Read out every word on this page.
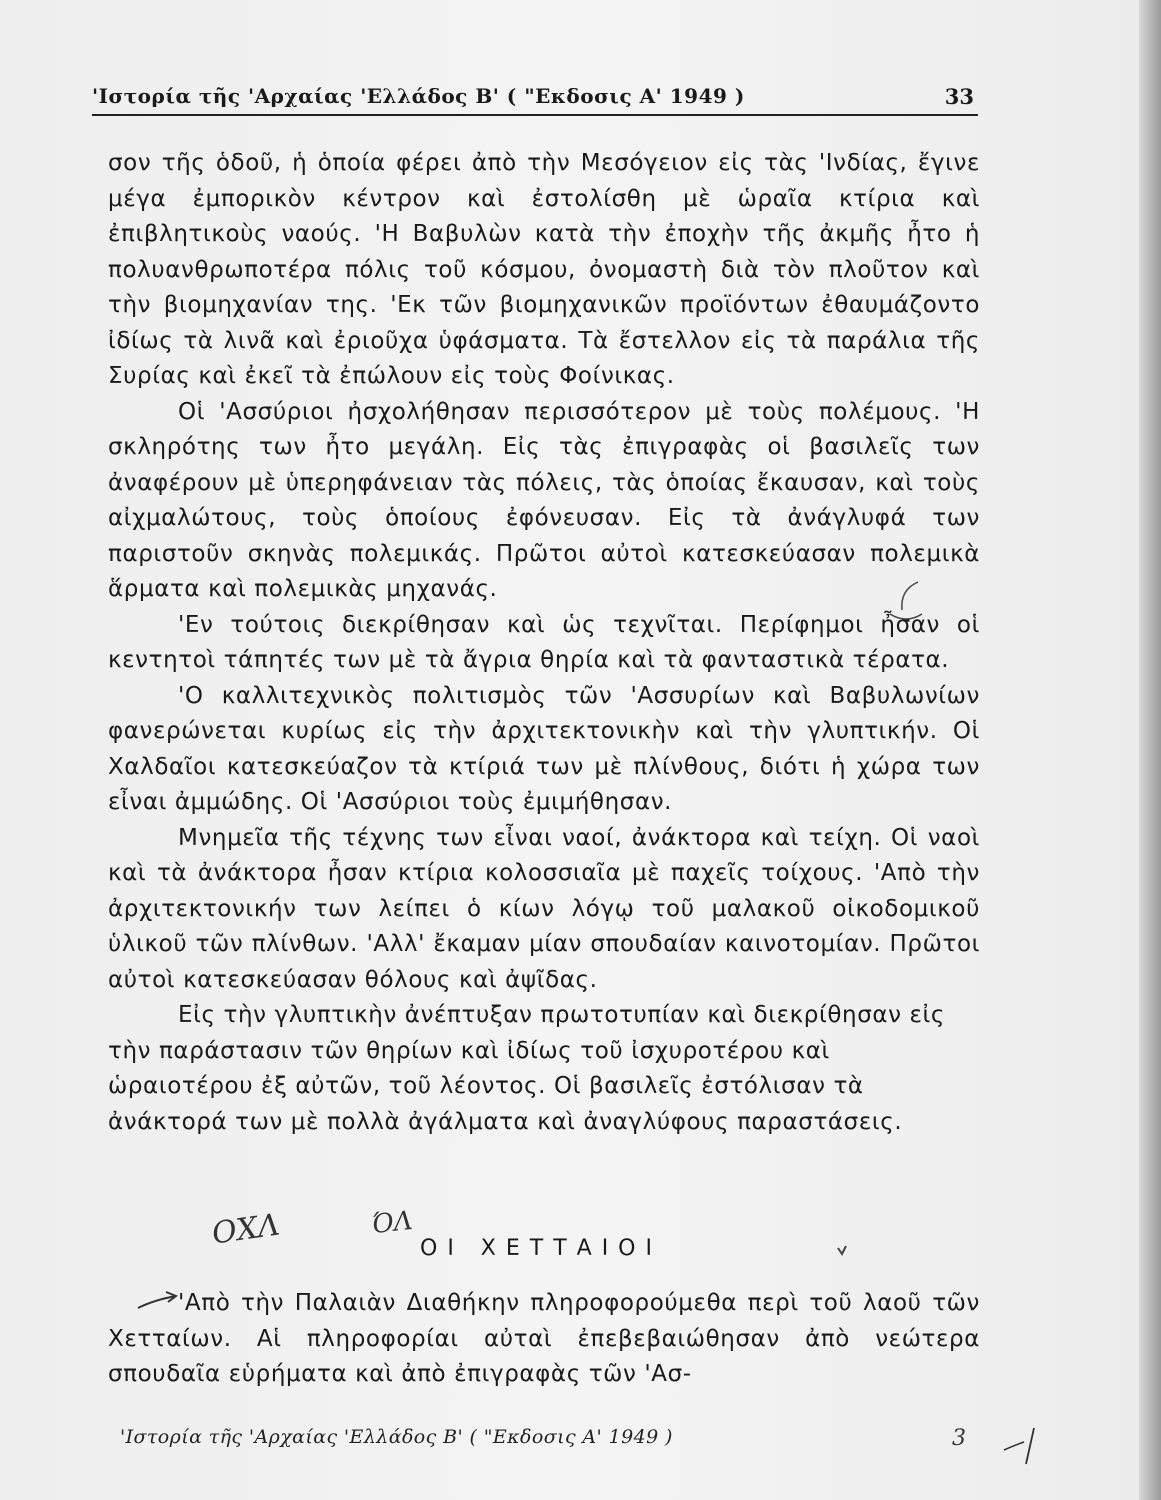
'Ιστορία τῆς 'Αρχαίας 'Ελλάδος Β' ( "Εκδοσις Α' 1949 )	33

σον τῆς ὁδοῦ, ἡ ὁποία φέρει ἀπὸ τὴν Μεσόγειον εἰς τὰς 'Ινδίας, ἔγινε μέγα ἐμπορικὸν κέντρον καὶ ἐστολίσθη μὲ ὡραῖα κτίρια καὶ ἐπιβλητικοὺς ναούς. 'Η Βαβυλὼν κατὰ τὴν ἐποχὴν τῆς ἀκμῆς ἦτο ἡ πολυανθρωποτέρα πόλις τοῦ κόσμου, ὀνομαστὴ διὰ τὸν πλοῦτον καὶ τὴν βιομηχανίαν της. 'Εκ τῶν βιομηχανικῶν προϊόντων ἐθαυμάζοντο ἰδίως τὰ λινᾶ καὶ ἐριοῦχα ὑφάσματα. Τὰ ἔστελλον εἰς τὰ παράλια τῆς Συρίας καὶ ἐκεῖ τὰ ἐπώλουν εἰς τοὺς Φοίνικας.

Οἱ 'Ασσύριοι ἠσχολήθησαν περισσότερον μὲ τοὺς πολέμους. 'Η σκληρότης των ἦτο μεγάλη. Εἰς τὰς ἐπιγραφὰς οἱ βασιλεῖς των ἀναφέρουν μὲ ὑπερηφάνειαν τὰς πόλεις, τὰς ὁποίας ἔκαυσαν, καὶ τοὺς αἰχμαλώτους, τοὺς ὁποίους ἐφόνευσαν. Εἰς τὰ ἀνάγλυφά των παριστοῦν σκηνὰς πολεμικάς. Πρῶτοι αὐτοὶ κατεσκεύασαν πολεμικὰ ἅρματα καὶ πολεμικὰς μηχανάς.

'Εν τούτοις διεκρίθησαν καὶ ὡς τεχνῖται. Περίφημοι ἦσαν οἱ κεντητοὶ τάπητές των μὲ τὰ ἄγρια θηρία καὶ τὰ φανταστικὰ τέρατα.

'Ο καλλιτεχνικὸς πολιτισμὸς τῶν 'Ασσυρίων καὶ Βαβυλωνίων φανερώνεται κυρίως εἰς τὴν ἀρχιτεκτονικὴν καὶ τὴν γλυπτικήν. Οἱ Χαλδαῖοι κατεσκεύαζον τὰ κτίριά των μὲ πλίνθους, διότι ἡ χώρα των εἶναι ἀμμώδης. Οἱ 'Ασσύριοι τοὺς ἐμιμήθησαν.

Μνημεῖα τῆς τέχνης των εἶναι ναοί, ἀνάκτορα καὶ τείχη. Οἱ ναοὶ καὶ τὰ ἀνάκτορα ἦσαν κτίρια κολοσσιαῖα μὲ παχεῖς τοίχους. 'Απὸ τὴν ἀρχιτεκτονικήν των λείπει ὁ κίων λόγῳ τοῦ μαλακοῦ οἰκοδομικοῦ ὑλικοῦ τῶν πλίνθων. 'Αλλ' ἔκαμαν μίαν σπουδαίαν καινοτομίαν. Πρῶτοι αὐτοὶ κατεσκεύασαν θόλους καὶ ἀψῖδας.

Εἰς τὴν γλυπτικὴν ἀνέπτυξαν πρωτοτυπίαν καὶ διεκρίθησαν εἰς τὴν παράστασιν τῶν θηρίων καὶ ἰδίως τοῦ ἰσχυροτέρου καὶ ὡραιοτέρου ἐξ αὐτῶν, τοῦ λέοντος. Οἱ βασιλεῖς ἐστόλισαν τὰ ἀνάκτορά των μὲ πολλὰ ἀγάλματα καὶ ἀναγλύφους παραστάσεις.

ΟΙ ΧΕΤΤΑΙΟΙ

'Απὸ τὴν Παλαιὰν Διαθήκην πληροφορούμεθα περὶ τοῦ λαοῦ τῶν Χετταίων. Αἱ πληροφορίαι αὐταὶ ἐπεβεβαιώθησαν ἀπὸ νεώτερα σπουδαῖα εὑρήματα καὶ ἀπὸ ἐπιγραφὰς τῶν 'Ασ-

'Ιστορία τῆς 'Αρχαίας 'Ελλάδος Β' ( "Εκδοσις Α' 1949 )
ΟΧΛ	ΌΛ
3
